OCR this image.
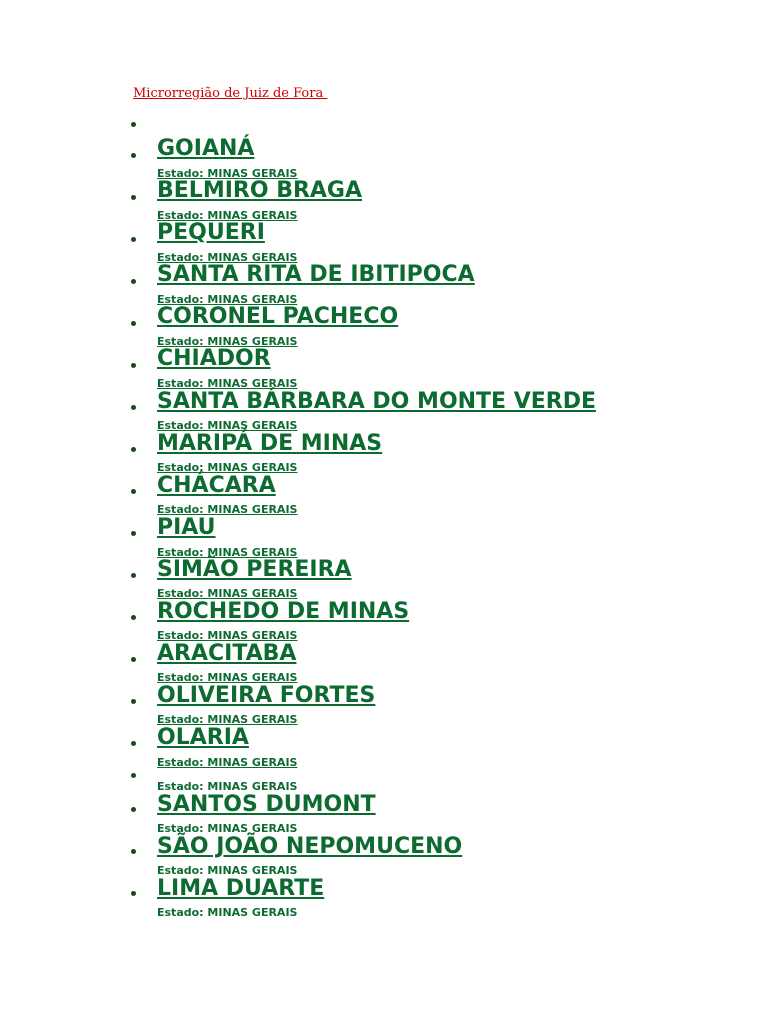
Microrregião de Juiz de Fora
GOIANÁ
Estado: MINAS GERAIS
BELMIRO BRAGA
Estado: MINAS GERAIS
PEQUERI
Estado: MINAS GERAIS
SANTA RITA DE IBITIPOCA
Estado: MINAS GERAIS
CORONEL PACHECO
Estado: MINAS GERAIS
CHIADOR
Estado: MINAS GERAIS
SANTA BÁRBARA DO MONTE VERDE
Estado: MINAS GERAIS
MARIPÁ DE MINAS
Estado: MINAS GERAIS
CHÁCARA
Estado: MINAS GERAIS
PIAU
Estado: MINAS GERAIS
SIMÃO PEREIRA
Estado: MINAS GERAIS
ROCHEDO DE MINAS
Estado: MINAS GERAIS
ARACITABA
Estado: MINAS GERAIS
OLIVEIRA FORTES
Estado: MINAS GERAIS
OLARIA
Estado: MINAS GERAIS
Estado: MINAS GERAIS
SANTOS DUMONT
Estado: MINAS GERAIS
SÃO JOÃO NEPOMUCENO
Estado: MINAS GERAIS
LIMA DUARTE
Estado: MINAS GERAIS
